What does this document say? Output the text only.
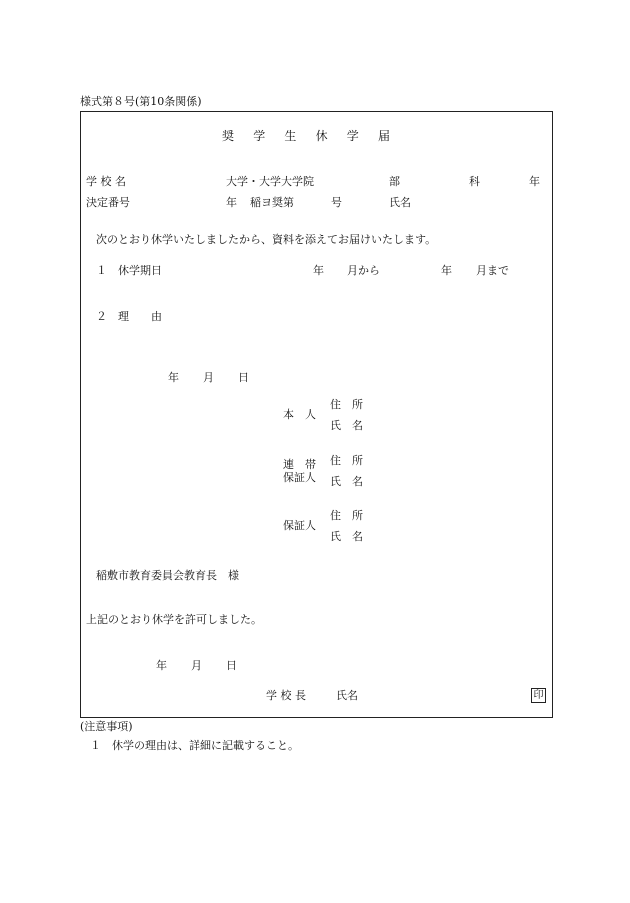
様式第８号(第10条関係)
奨学生休学届
学 校 名	大学・大学大学院	部	科	年
決定番号	年 稲ヨ奨第	号	氏名
次のとおり休学いたしましたから、資料を添えてお届けいたします。
１　休学期日	年 月から	年 月まで
２　理　　由
年 月 日
本　人
住　所
氏　名
連　帯
保証人
住　所
氏　名
保証人
住　所
氏　名
稲敷市教育委員会教育長　様
上記のとおり休学を許可しました。
年 月 日
学 校 長	氏名	印
(注意事項)
１　休学の理由は、詳細に記載すること。
